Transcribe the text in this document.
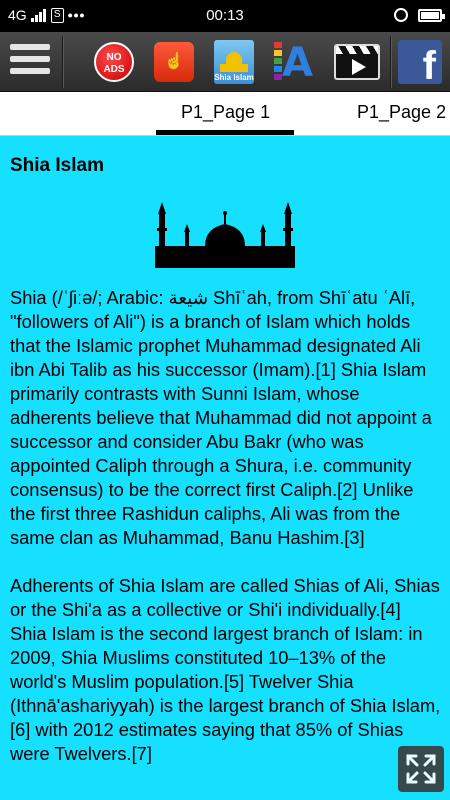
4G	S •••	00:13
NO
ADS	☝
Shia Islam A	f
P1_Page 1	P1_Page 2
Shia Islam

Shia (/ˈʃiːə/; Arabic: شيعة Shīʿah, from Shīʿatu ʿAlī, "followers of Ali") is a branch of Islam which holds that the Islamic prophet Muhammad designated Ali ibn Abi Talib as his successor (Imam).[1] Shia Islam primarily contrasts with Sunni Islam, whose adherents believe that Muhammad did not appoint a successor and consider Abu Bakr (who was appointed Caliph through a Shura, i.e. community consensus) to be the correct first Caliph.[2] Unlike the first three Rashidun caliphs, Ali was from the same clan as Muhammad, Banu Hashim.[3]

Adherents of Shia Islam are called Shias of Ali, Shias or the Shi'a as a collective or Shi'i individually.[4] Shia Islam is the second largest branch of Islam: in 2009, Shia Muslims constituted 10–13% of the world's Muslim population.[5] Twelver Shia (Ithnā'ashariyyah) is the largest branch of Shia Islam,[6] with 2012 estimates saying that 85% of Shias were Twelvers.[7]
